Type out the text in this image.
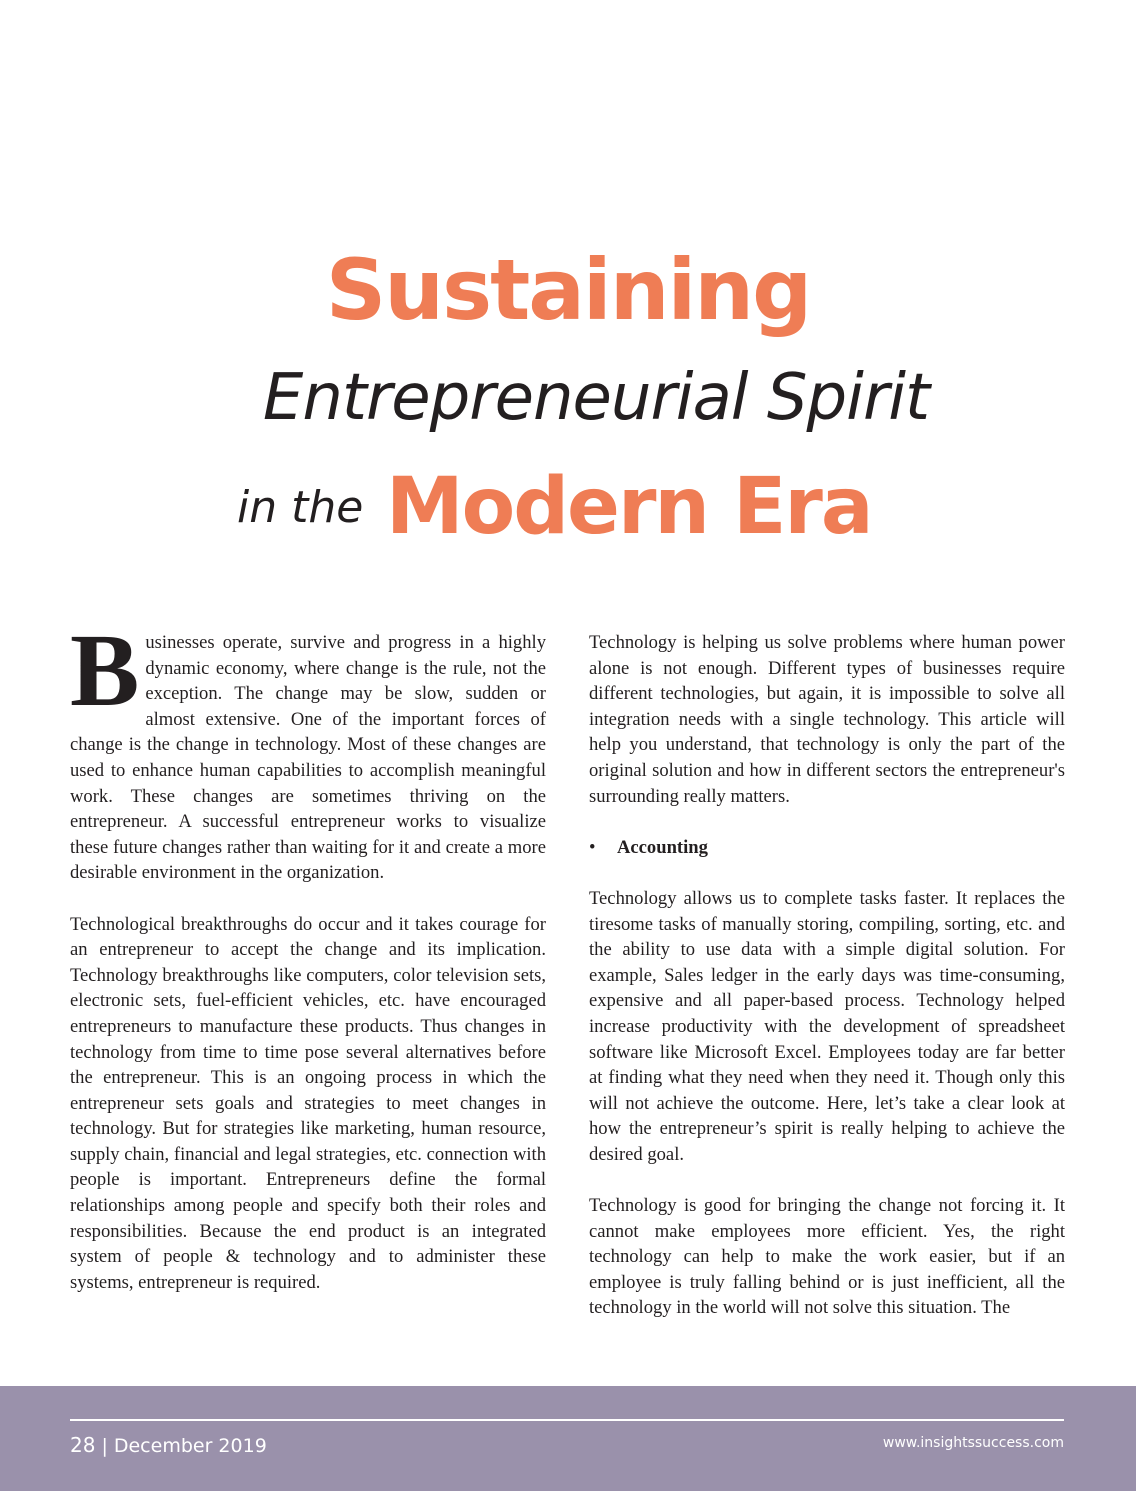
Sustaining
Entrepreneurial Spirit
in the Modern Era

Businesses operate, survive and progress in a highly dynamic economy, where change is the rule, not the exception. The change may be slow, sudden or almost extensive. One of the important forces of change is the change in technology. Most of these changes are used to enhance human capabilities to accomplish meaningful work. These changes are sometimes thriving on the entrepreneur. A successful entrepreneur works to visualize these future changes rather than waiting for it and create a more desirable environment in the organization.

Technological breakthroughs do occur and it takes courage for an entrepreneur to accept the change and its implication. Technology breakthroughs like computers, color television sets, electronic sets, fuel-efficient vehicles, etc. have encouraged entrepreneurs to manufacture these products. Thus changes in technology from time to time pose several alternatives before the entrepreneur. This is an ongoing process in which the entrepreneur sets goals and strategies to meet changes in technology. But for strategies like marketing, human resource, supply chain, financial and legal strategies, etc. connection with people is important. Entrepreneurs define the formal relationships among people and specify both their roles and responsibilities. Because the end product is an integrated system of people & technology and to administer these systems, entrepreneur is required.

Technology is helping us solve problems where human power alone is not enough. Different types of businesses require different technologies, but again, it is impossible to solve all integration needs with a single technology. This article will help you understand, that technology is only the part of the original solution and how in different sectors the entrepreneur's surrounding really matters.

• Accounting

Technology allows us to complete tasks faster. It replaces the tiresome tasks of manually storing, compiling, sorting, etc. and the ability to use data with a simple digital solution. For example, Sales ledger in the early days was time-consuming, expensive and all paper-based process. Technology helped increase productivity with the development of spreadsheet software like Microsoft Excel. Employees today are far better at finding what they need when they need it. Though only this will not achieve the outcome. Here, let’s take a clear look at how the entrepreneur’s spirit is really helping to achieve the desired goal.

Technology is good for bringing the change not forcing it. It cannot make employees more efficient. Yes, the right technology can help to make the work easier, but if an employee is truly falling behind or is just inefficient, all the technology in the world will not solve this situation. The

28 | December 2019	www.insightssuccess.com
